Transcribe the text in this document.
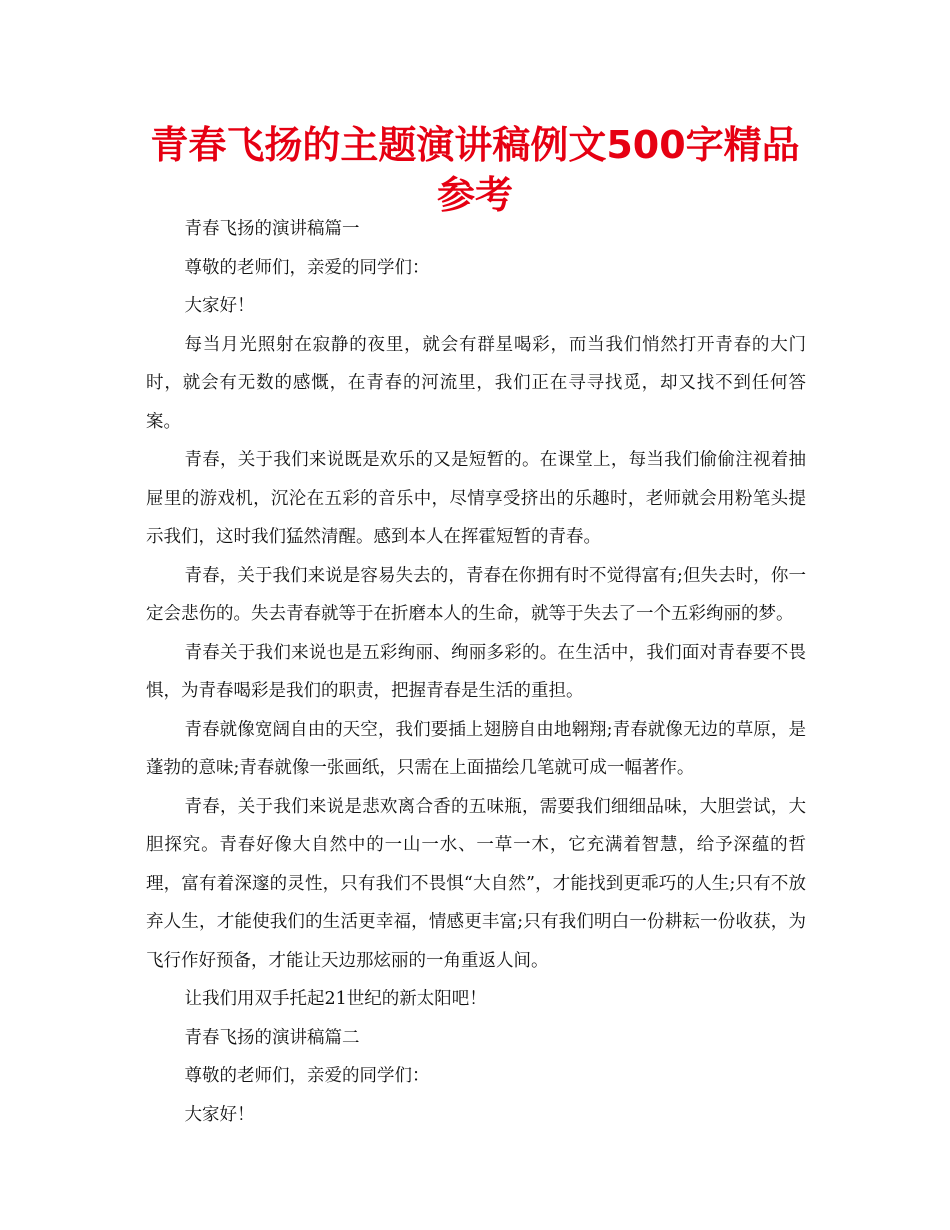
青春飞扬的主题演讲稿例文500字精品参考

青春飞扬的演讲稿篇一

尊敬的老师们，亲爱的同学们：

大家好！

每当月光照射在寂静的夜里，就会有群星喝彩，而当我们悄然打开青春的大门时，就会有无数的感慨，在青春的河流里，我们正在寻寻找觅，却又找不到任何答案。

青春，关于我们来说既是欢乐的又是短暂的。在课堂上，每当我们偷偷注视着抽屉里的游戏机，沉沦在五彩的音乐中，尽情享受挤出的乐趣时，老师就会用粉笔头提示我们，这时我们猛然清醒。感到本人在挥霍短暂的青春。

青春，关于我们来说是容易失去的，青春在你拥有时不觉得富有;但失去时，你一定会悲伤的。失去青春就等于在折磨本人的生命，就等于失去了一个五彩绚丽的梦。

青春关于我们来说也是五彩绚丽、绚丽多彩的。在生活中，我们面对青春要不畏惧，为青春喝彩是我们的职责，把握青春是生活的重担。

青春就像宽阔自由的天空，我们要插上翅膀自由地翱翔;青春就像无边的草原，是蓬勃的意味;青春就像一张画纸，只需在上面描绘几笔就可成一幅著作。

青春，关于我们来说是悲欢离合香的五味瓶，需要我们细细品味，大胆尝试，大胆探究。青春好像大自然中的一山一水、一草一木，它充满着智慧，给予深蕴的哲理，富有着深邃的灵性，只有我们不畏惧“大自然”，才能找到更乖巧的人生;只有不放弃人生，才能使我们的生活更幸福，情感更丰富;只有我们明白一份耕耘一份收获，为飞行作好预备，才能让天边那炫丽的一角重返人间。

让我们用双手托起21世纪的新太阳吧！

青春飞扬的演讲稿篇二

尊敬的老师们，亲爱的同学们：

大家好！
